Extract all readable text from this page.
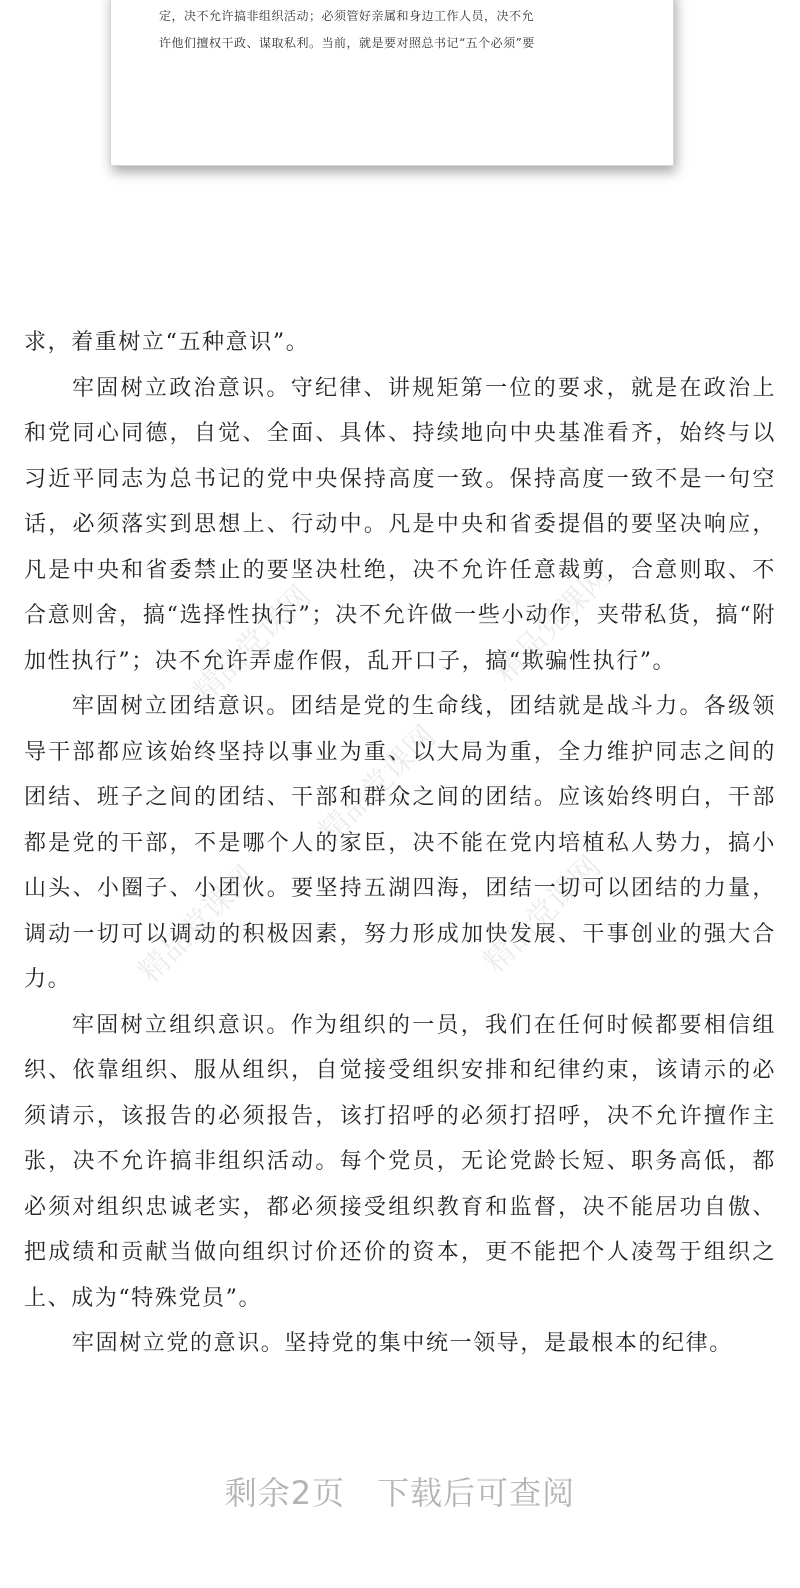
定，决不允许搞非组织活动；必须管好亲属和身边工作人员，决不允
许他们擅权干政、谋取私利。当前，就是要对照总书记“五个必须”要
精品党课网	精品党课网
精品党课网
精品党课网	精品党课网

求，着重树立“五种意识”。

牢固树立政治意识。守纪律、讲规矩第一位的要求，就是在政治上和党同心同德，自觉、全面、具体、持续地向中央基准看齐，始终与以习近平同志为总书记的党中央保持高度一致。保持高度一致不是一句空话，必须落实到思想上、行动中。凡是中央和省委提倡的要坚决响应，凡是中央和省委禁止的要坚决杜绝，决不允许任意裁剪，合意则取、不合意则舍，搞“选择性执行”；决不允许做一些小动作，夹带私货，搞“附加性执行”；决不允许弄虚作假，乱开口子，搞“欺骗性执行”。

牢固树立团结意识。团结是党的生命线，团结就是战斗力。各级领导干部都应该始终坚持以事业为重、以大局为重，全力维护同志之间的团结、班子之间的团结、干部和群众之间的团结。应该始终明白，干部都是党的干部，不是哪个人的家臣，决不能在党内培植私人势力，搞小山头、小圈子、小团伙。要坚持五湖四海，团结一切可以团结的力量，调动一切可以调动的积极因素，努力形成加快发展、干事创业的强大合力。

牢固树立组织意识。作为组织的一员，我们在任何时候都要相信组织、依靠组织、服从组织，自觉接受组织安排和纪律约束，该请示的必须请示，该报告的必须报告，该打招呼的必须打招呼，决不允许擅作主张，决不允许搞非组织活动。每个党员，无论党龄长短、职务高低，都必须对组织忠诚老实，都必须接受组织教育和监督，决不能居功自傲、把成绩和贡献当做向组织讨价还价的资本，更不能把个人凌驾于组织之上、成为“特殊党员”。

牢固树立党的意识。坚持党的集中统一领导，是最根本的纪律。

剩余2页 下载后可查阅
